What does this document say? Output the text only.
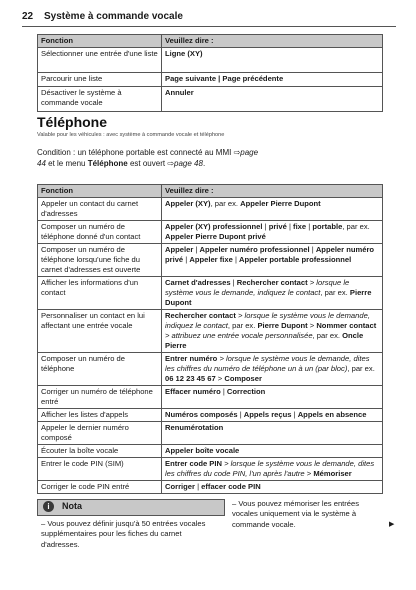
22 Système à commande vocale
Fonction	Veuillez dire :
Sélectionner une entrée d'une liste	Ligne (XY)
Parcourir une liste	Page suivante | Page précédente
Désactiver le système à commande vocale	Annuler
Téléphone
Valable pour les véhicules : avec système à commande vocale et téléphone
Condition : un téléphone portable est connecté au MMI ⇨page 44 et le menu Téléphone est ouvert ⇨page 48.
Fonction	Veuillez dire :
Appeler un contact du carnet d'adresses	Appeler (XY), par ex. Appeler Pierre Dupont
Composer un numéro de téléphone donné d'un contact	Appeler (XY) professionnel | privé | fixe | portable, par ex. Appeler Pierre Dupont privé
Composer un numéro de téléphone lorsqu'une fiche du carnet d'adresses est ouverte	Appeler | Appeler numéro professionnel | Appeler numéro privé | Appeler fixe | Appeler portable professionnel
Afficher les informations d'un contact	Carnet d'adresses | Rechercher contact > lorsque le système vous le demande, indiquez le contact, par ex. Pierre Dupont
Personnaliser un contact en lui affectant une entrée vocale	Rechercher contact > lorsque le système vous le demande, indiquez le contact, par ex. Pierre Dupont > Nommer contact > attribuez une entrée vocale personnalisée, par ex. Oncle Pierre
Composer un numéro de téléphone	Entrer numéro > lorsque le système vous le demande, dites les chiffres du numéro de téléphone un à un (par bloc), par ex. 06 12 23 45 67 > Composer
Corriger un numéro de téléphone entré	Effacer numéro | Correction
Afficher les listes d'appels	Numéros composés | Appels reçus | Appels en absence
Appeler le dernier numéro composé	Renumérotation
Écouter la boîte vocale	Appeler boîte vocale
Entrer le code PIN (SIM)	Entrer code PIN > lorsque le système vous le demande, dites les chiffres du code PIN, l'un après l'autre > Mémoriser
Corriger le code PIN entré	Corriger | effacer code PIN
i	Nota
– Vous pouvez définir jusqu'à 50 entrées vocales supplémentaires pour les fiches du carnet d'adresses.
– Vous pouvez mémoriser les entrées vocales uniquement via le système à commande vocale.	▶
